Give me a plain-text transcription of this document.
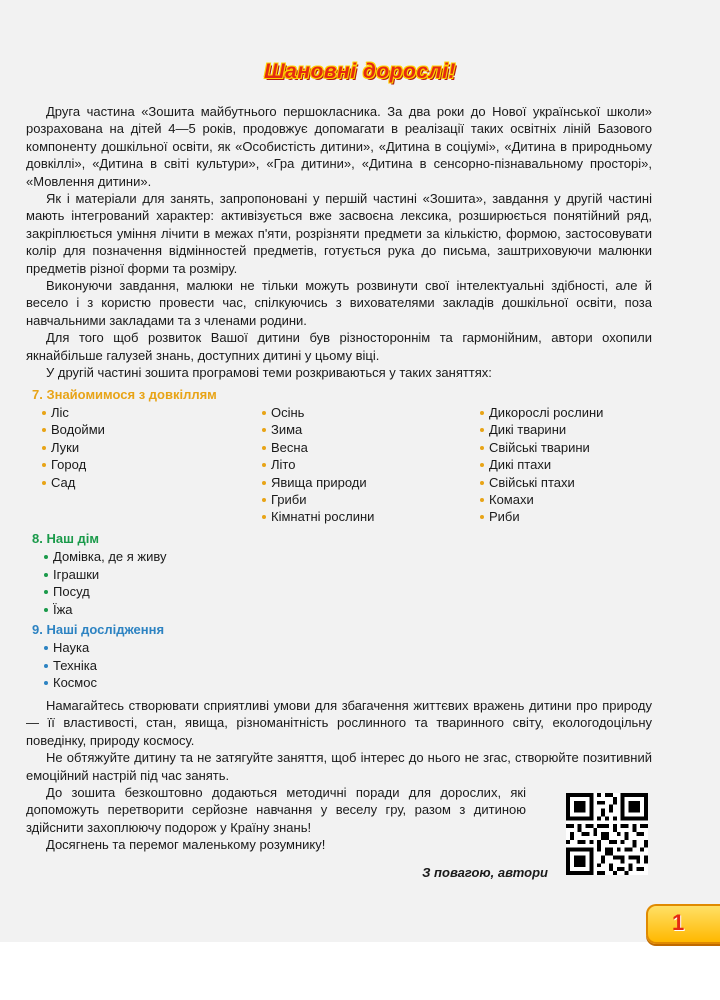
Шановні дорослі!

Друга частина «Зошита майбутнього першокласника. За два роки до Нової української школи» розрахована на дітей 4—5 років, продовжує допомагати в реалізації таких освітніх ліній Базового компоненту дошкільної освіти, як «Особистість дитини», «Дитина в соціумі», «Дитина в природньому довкіллі», «Дитина в світі культури», «Гра дитини», «Дитина в сенсорно-пізнавальному просторі», «Мовлення дитини».

Як і матеріали для занять, запропоновані у першій частині «Зошита», завдання у другій частині мають інтегрований характер: активізується вже засвоєна лексика, розширюється понятійний ряд, закріплюється уміння лічити в межах п'яти, розрізняти предмети за кількістю, формою, застосовувати колір для позначення відмінностей предметів, готується рука до письма, заштриховуючи малюнки предметів різної форми та розміру.

Виконуючи завдання, малюки не тільки можуть розвинути свої інтелектуальні здібності, але й весело і з користю провести час, спілкуючись з вихователями закладів дошкільної освіти, поза навчальними закладами та з членами родини.

Для того щоб розвиток Вашої дитини був різностороннім та гармонійним, автори охопили якнайбільше галузей знань, доступних дитині у цьому віці.

У другій частині зошита програмові теми розкриваються у таких заняттях:

7. Знайомимося з довкіллям
Ліс
Водойми
Луки
Город
Сад
Осінь
Зима
Весна
Літо
Явища природи
Гриби
Кімнатні рослини
Дикорослі рослини
Дикі тварини
Свійські тварини
Дикі птахи
Свійські птахи
Комахи
Риби
8. Наш дім
Домівка, де я живу
Іграшки
Посуд
Їжа
9. Наші дослідження
Наука
Техніка
Космос

Намагайтесь створювати сприятливі умови для збагачення життєвих вражень дитини про природу — її властивості, стан, явища, різноманітність рослинного та тваринного світу, екологодоцільну поведінку, природу космосу.

Не обтяжуйте дитину та не затягуйте заняття, щоб інтерес до нього не згас, створюйте позитивний емоційний настрій під час занять.

До зошита безкоштовно додаються методичні поради для дорослих, які допоможуть перетворити серйозне навчання у веселу гру, разом з дитиною здійснити захоплюючу подорож у Країну знань!

Досягнень та перемог маленькому розумнику!

З повагою, автори
1
